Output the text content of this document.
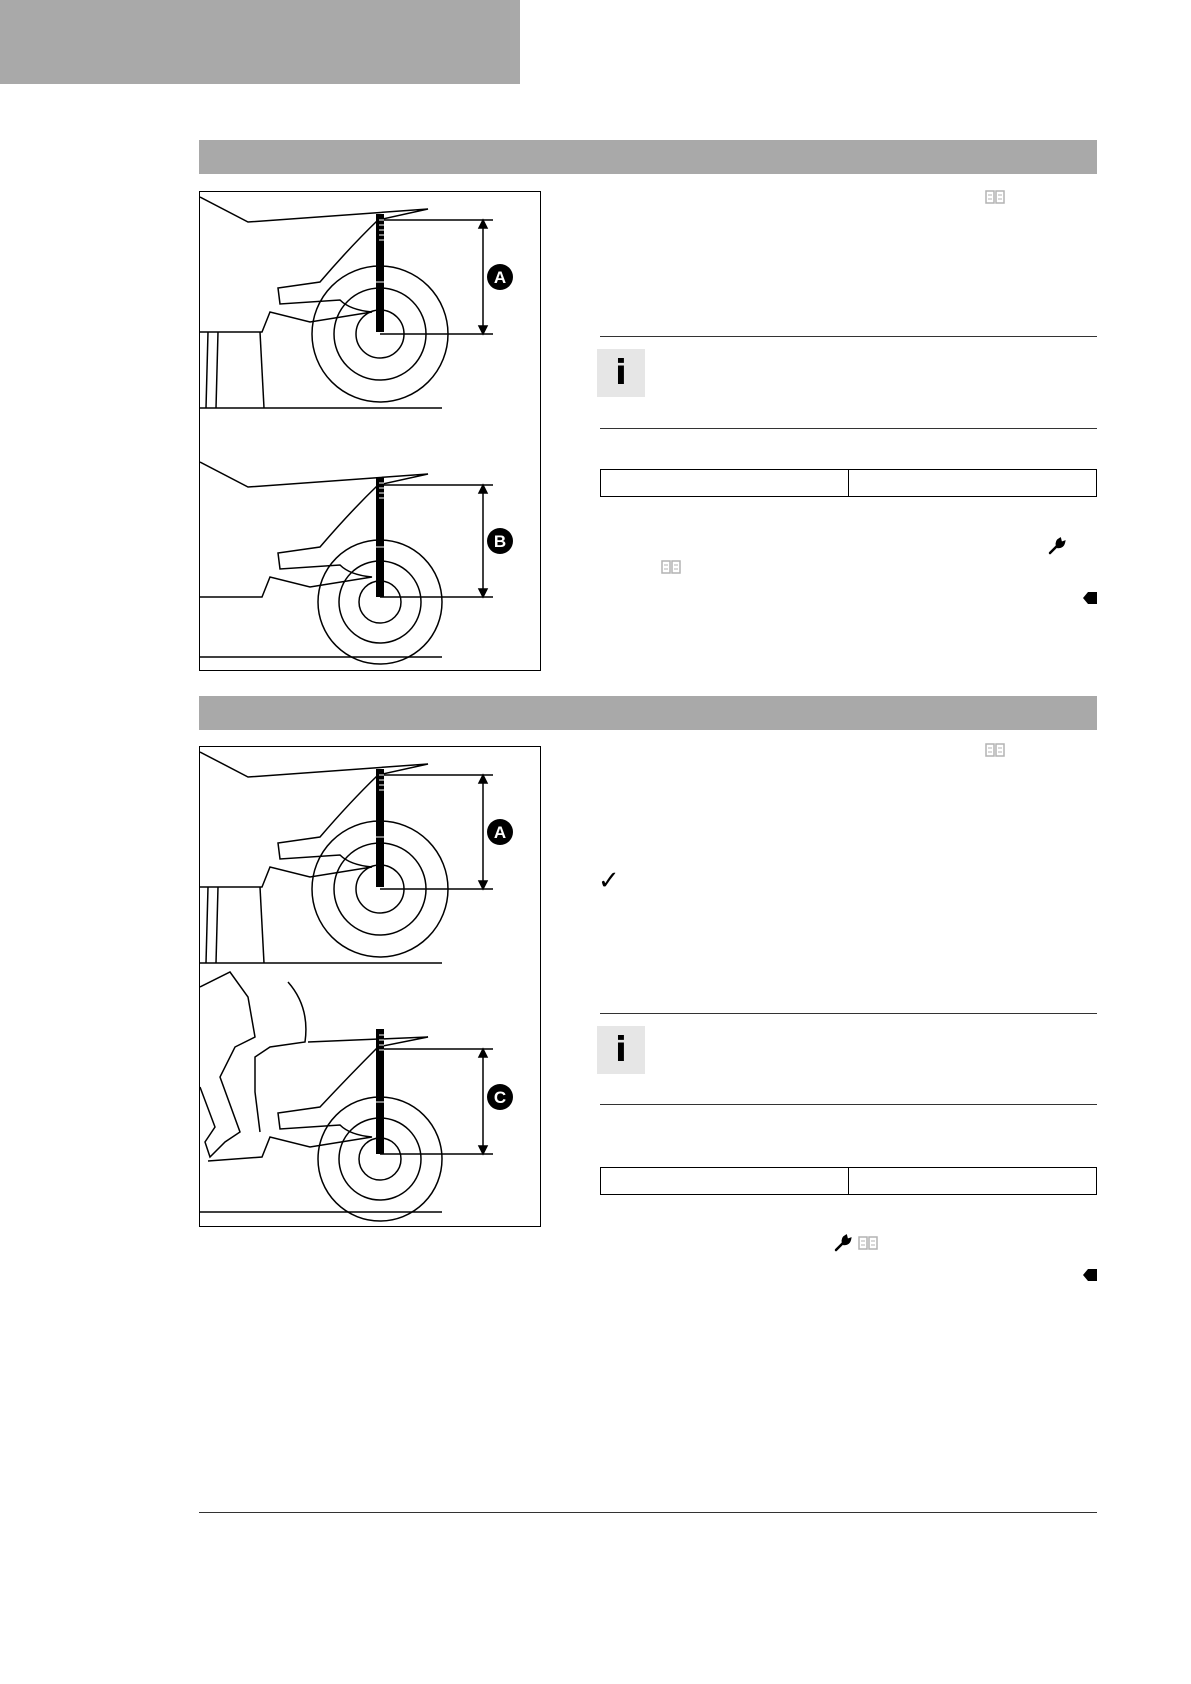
A
B
i
A
C
✓
i
